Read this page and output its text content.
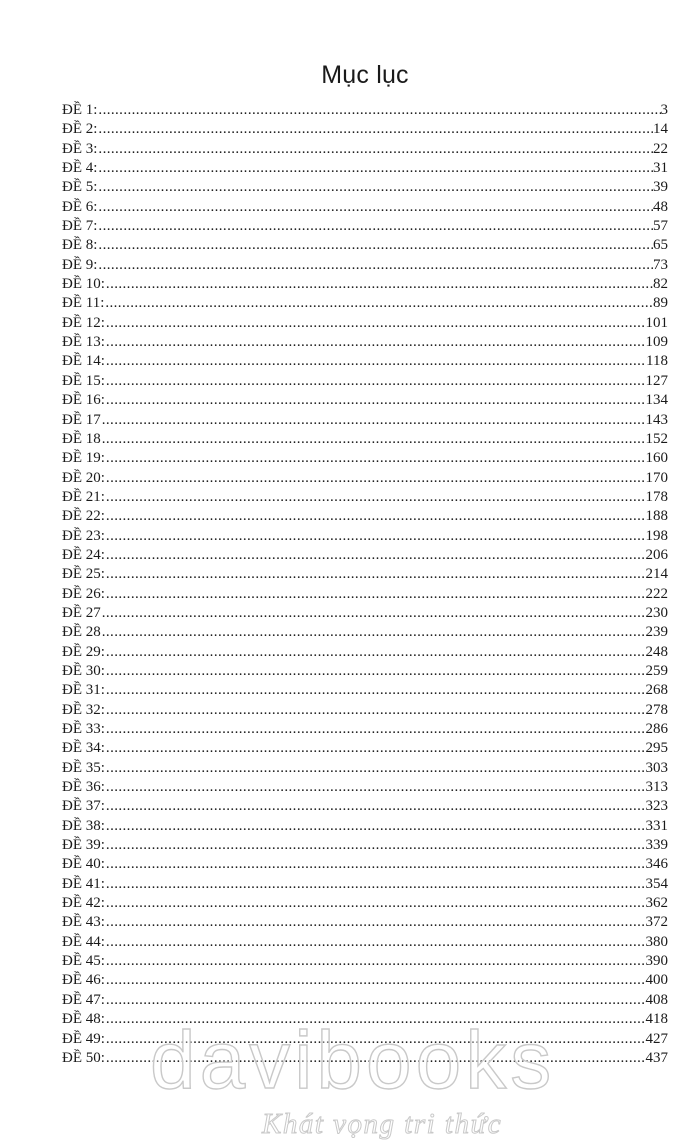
Mục lục
ĐỀ 1: .....	3
ĐỀ 2: .....	14
ĐỀ 3: .....	22
ĐỀ 4: .....	31
ĐỀ 5: .....	39
ĐỀ 6: .....	48
ĐỀ 7: .....	57
ĐỀ 8: .....	65
ĐỀ 9: .....	73
ĐỀ 10: .....	82
ĐỀ 11: .....	89
ĐỀ 12: .....	101
ĐỀ 13: .....	109
ĐỀ 14: .....	118
ĐỀ 15: .....	127
ĐỀ 16: .....	134
ĐỀ 17 .....	143
ĐỀ 18 .....	152
ĐỀ 19: .....	160
ĐỀ 20: .....	170
ĐỀ 21: .....	178
ĐỀ 22: .....	188
ĐỀ 23: .....	198
ĐỀ 24: .....	206
ĐỀ 25: .....	214
ĐỀ 26: .....	222
ĐỀ 27 .....	230
ĐỀ 28 .....	239
ĐỀ 29: .....	248
ĐỀ 30: .....	259
ĐỀ 31: .....	268
ĐỀ 32: .....	278
ĐỀ 33: .....	286
ĐỀ 34: .....	295
ĐỀ 35: .....	303
ĐỀ 36: .....	313
ĐỀ 37: .....	323
ĐỀ 38: .....	331
ĐỀ 39: .....	339
ĐỀ 40: .....	346
ĐỀ 41: .....	354
ĐỀ 42: .....	362
ĐỀ 43: .....	372
ĐỀ 44: .....	380
ĐỀ 45: .....	390
ĐỀ 46: .....	400
ĐỀ 47: .....	408
ĐỀ 48: .....	418
ĐỀ 49: .....	427
ĐỀ 50: .....	437
davibooks
Khát vọng tri thức
